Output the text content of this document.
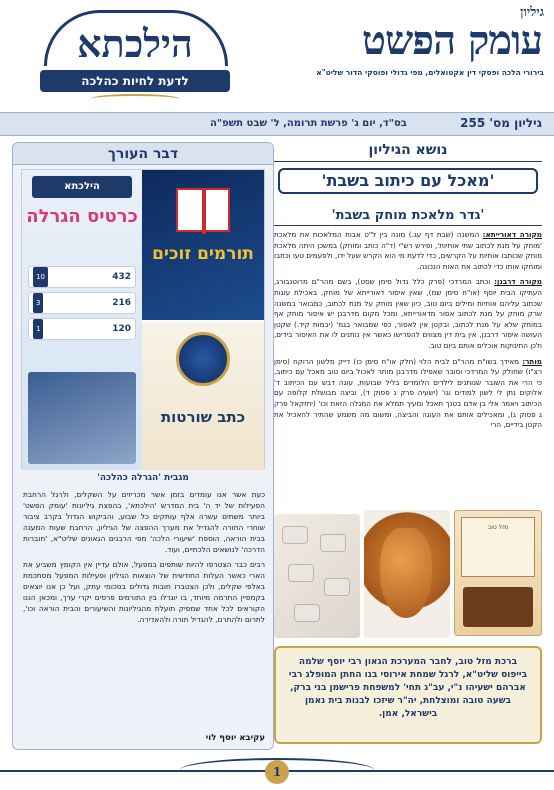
גיליון
עומק הפשט
בירורי הלכה ופסקי דין אקטואלים, מפי גדולי ופוסקי הדור שליט"א
הילכתא
לדעת לחיות כהלכה
גיליון מס' 255
בס"ד, יום ג' פרשת תרומה, ל' שבט תשפ"ה
נושא הגיליון
'מאכל עם כיתוב בשבת'
'גדר מלאכת מוחק בשבת'

מקורה דאורייתא: המשנה (שבת דף עג.) מונה בין ל"ט אבות המלאכות את מלאכת 'מוחק על מנת לכתוב שתי אותיות', ופירש רש"י (ד"ה כותב ומוחק) במשכן היתה מלאכת מוחק שכותבו אותיות על הקרשים, כדי לדעת מי הוא הקרש שעל ידו, ולפעמים טעו וכתבו ומוחקו אותו כדי לכתוב את האות הנכונה.

מקורה דרבנן: וכתב המרדכי (פרק כלל גדול סימן שסט), בשם מהר"ם מרוטנבורג, העתיקו הבית יוסף (או"ח סימן שמ), שאין איסור דאורייתא של מוחק, באכילת עוגות שכתוב עליהם אותיות ומילים ביום טוב, כיון שאין מוחק על מנת לכתוב, כמבואר במשנה שרק מוחק על מנת לכתוב אסור מדאורייתא, ומכל מקום מדרבנן יש איסור מוחק אף במוחק שלא על מנת לכתוב, ובקטן אין לאסור, כפי שמבואר בגמ' (יבמות קיד.) שקטן העושה איסור דרבנן, אין בית דין מצווים להפרישו כאשר אין נותנים לו את האיסור בידים, ולכן התינוקות אוכלים אותם ביום טוב.

מותר: מאידך בשו"ת מהר"ם לבית הלוי (חלק או"ח סימן כו) דייק מלשון הרוקח (סימן רצ"ו) שחולק על המרדכי וסובר שאפילו מדרבנן מותר לאכול ביום טוב מאכל עם כיתוב, כי הרי את השובר שנותנים לילדים הלומדים בליל שבועות, עוגה דבש עם הכיתוב ד' אלוקים נתן לי לשון למודים וגו' (ישעיה פרק נ פסוק ד), וביצה מבושלת קלופה עם הכיתוב ויאמר אלי בן אדם בטנך תאכל ומעיך תמלא את המגלה הזאת וכו' (יחזקאל פרק ג פסוק ג), ומאכילים אותם את העוגה והביצה, ומשום מה משמע שהתיר להאכיל את הקטן בידיים, הרי

מזל טוב
ברכת מזל טוב, לחבר המערכת הגאון רבי יוסף שלמה בייפוס שליט"א, לרגל שמחת אירוסי בנו החתן המופלג רבי אברהם ישעיהו נ"י, עב"ג תחי' למשפחת פרישמן בני ברק, בשעה טובה ומוצלחת, יה"ר שיזכו לבנות בית נאמן בישראל, אמן.
דבר העורך
הילכתא
כרטיס הגרלה
432
10
216
3
120
1
תורמים זוכים
כתב שורטות
מגבית 'הגרלה כהלכה'

כעת אשר אנו עומדים בזמן אשר מכריזים על השקלים, ולרגל הרחבת הפעילות של יד ה' בית המדרש 'הילכתא', בהפצת גיליונות 'עומק הפשט' ביותר משתים עשרה אלף עותקים כל שבוע, והביקוש הגדול בקרב ציבור שוחרי התורה להגדיל את מערך ההפצה של הגיליון, הרחבת שעות המענה בבית הוראה, הוספת 'שיעורי הלכה' מפי הרבנים הגאונים שליט"א, 'חוברות הדרכה' לנושאים הלכתיים, ועוד.

רבים כבר הצטרפו להיות שותפים במפעל, אולם עדיין אין הקומץ משביע את הארי כאשר העלות החודשית של הוצאות הגיליון ופעילות המפעל מסתכמת באלפי שקלים, ולכן הצטברו חובות גדולים בסכומי עתק, ועל כן אנו יוצאים בקמפיין התרמה מיוחד, בו יוגרלו בין התורמים פרסים יקרי ערך, ומכאן הננו הקוראים לכל אחד שמפיק תועלת מהגיליונות והשיעורים והבית הוראה וכו', לתרום ולהתרם, להגדיל תורה ולהאדירה.

עקיבא יוסף לוי
1
